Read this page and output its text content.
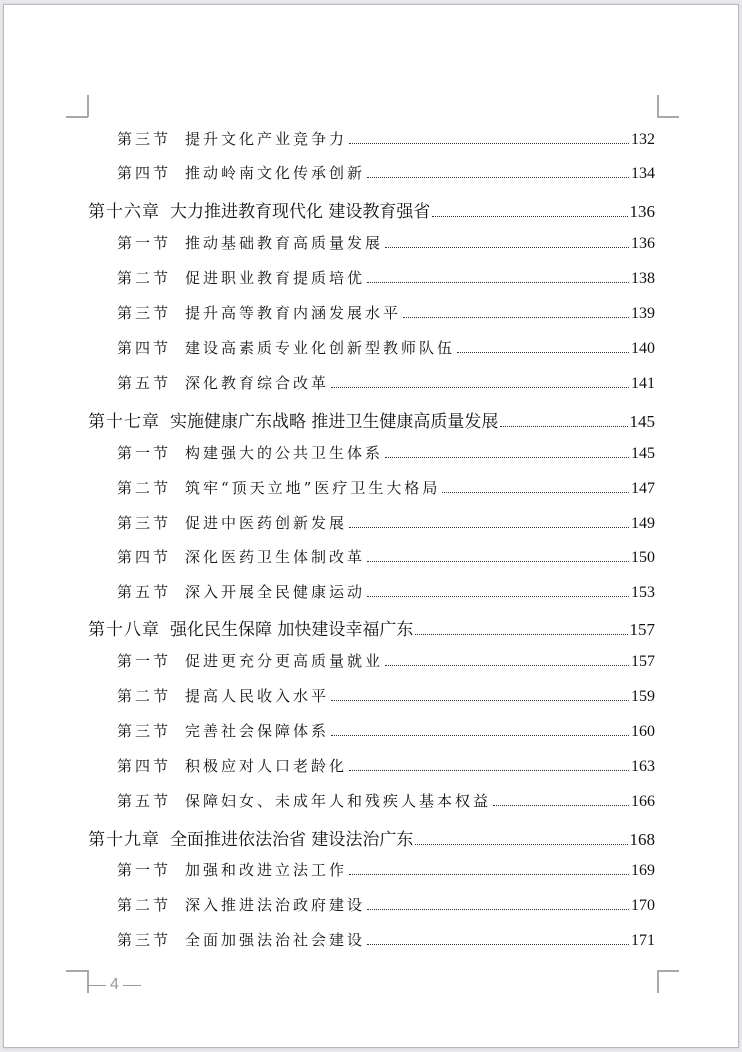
第三节 提升文化产业竞争力	132
第四节 推动岭南文化传承创新	134
第十六章 大力推进教育现代化 建设教育强省	136
第一节 推动基础教育高质量发展	136
第二节 促进职业教育提质培优	138
第三节 提升高等教育内涵发展水平	139
第四节 建设高素质专业化创新型教师队伍	140
第五节 深化教育综合改革	141
第十七章 实施健康广东战略 推进卫生健康高质量发展	145
第一节 构建强大的公共卫生体系	145
第二节 筑牢“顶天立地”医疗卫生大格局	147
第三节 促进中医药创新发展	149
第四节 深化医药卫生体制改革	150
第五节 深入开展全民健康运动	153
第十八章 强化民生保障 加快建设幸福广东	157
第一节 促进更充分更高质量就业	157
第二节 提高人民收入水平	159
第三节 完善社会保障体系	160
第四节 积极应对人口老龄化	163
第五节 保障妇女、未成年人和残疾人基本权益	166
第十九章 全面推进依法治省 建设法治广东	168
第一节 加强和改进立法工作	169
第二节 深入推进法治政府建设	170
第三节 全面加强法治社会建设	171
4
